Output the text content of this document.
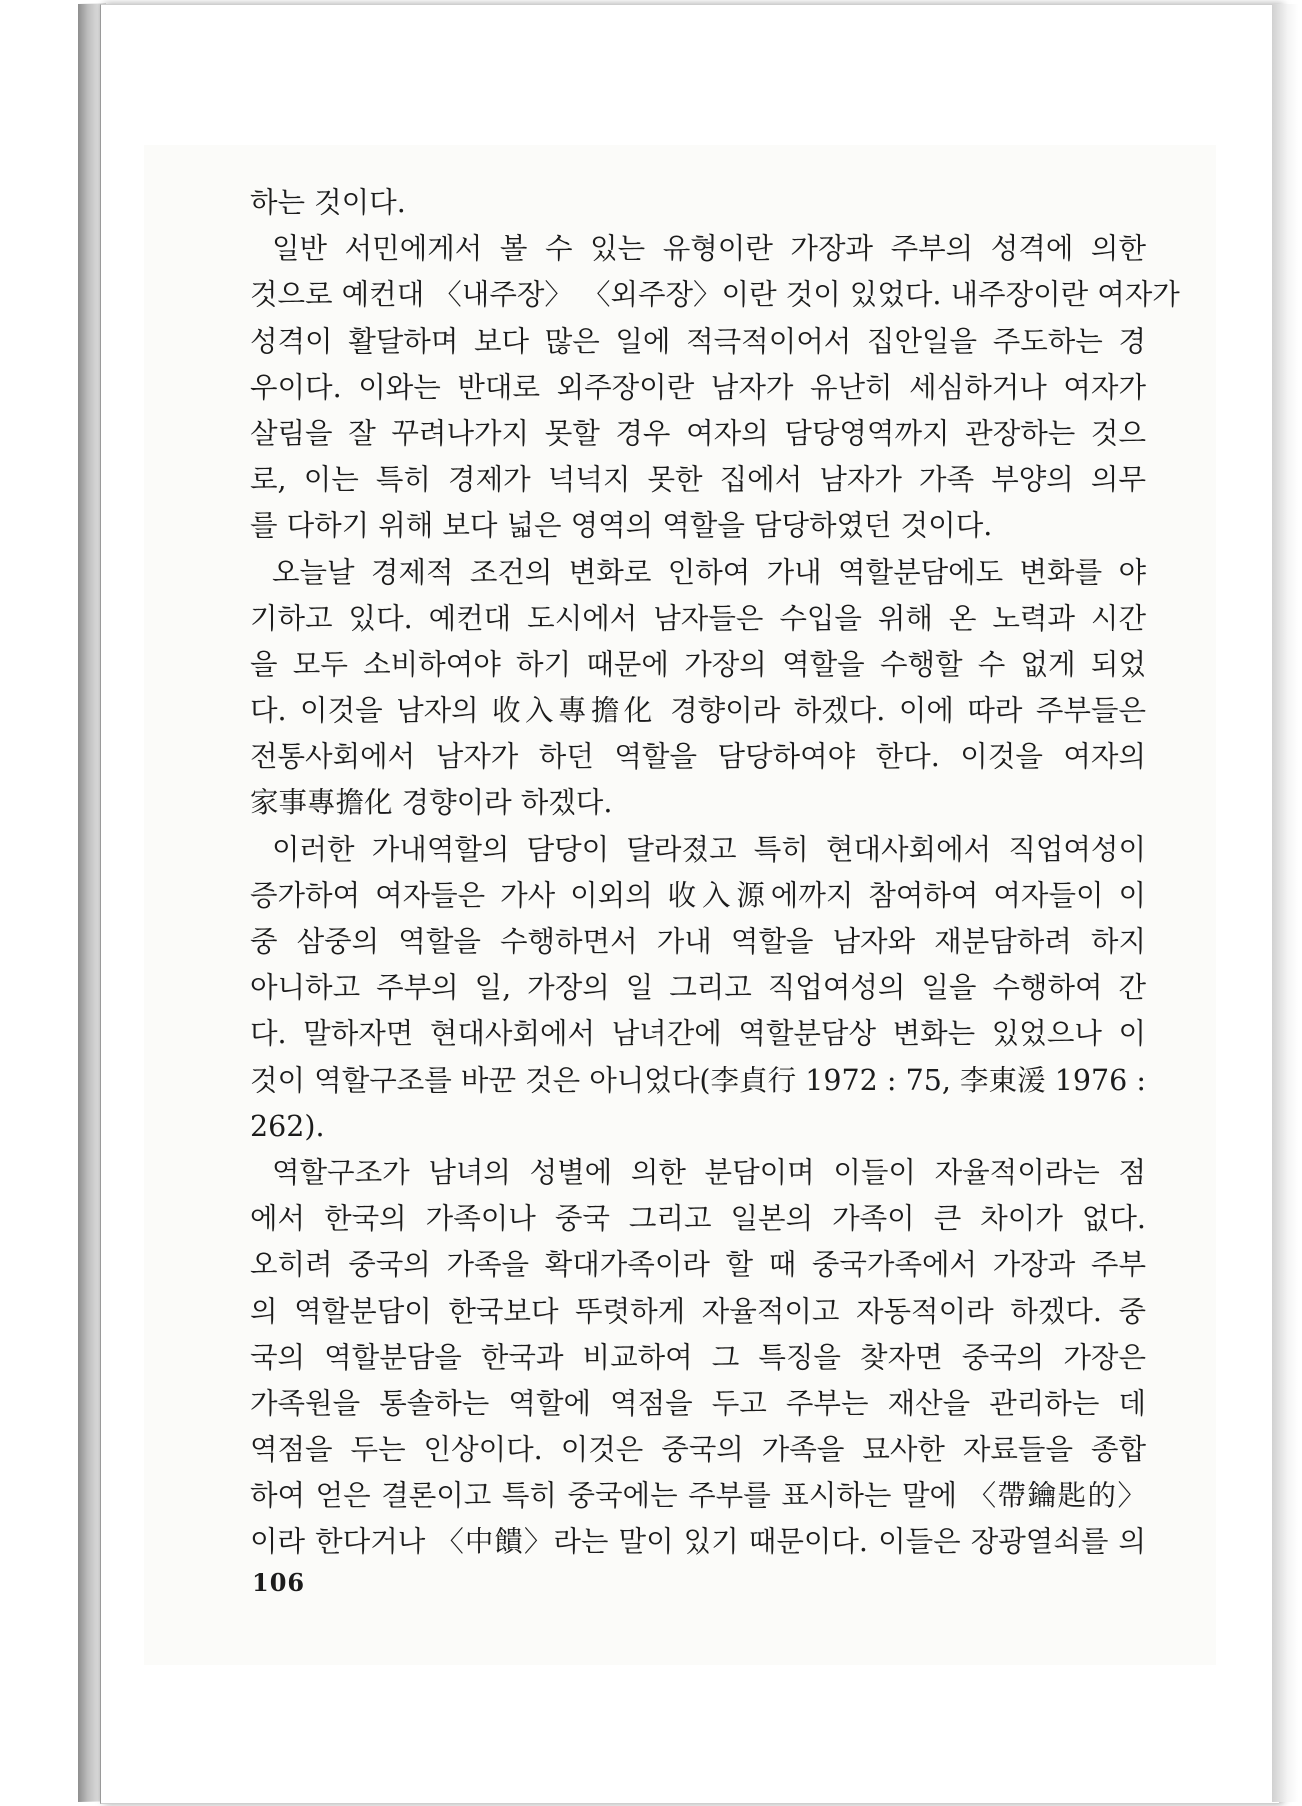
하는 것이다.
일반 서민에게서 볼 수 있는 유형이란 가장과 주부의 성격에 의한
것으로 예컨대 〈내주장〉 〈외주장〉이란 것이 있었다. 내주장이란 여자가
성격이 활달하며 보다 많은 일에 적극적이어서 집안일을 주도하는 경
우이다. 이와는 반대로 외주장이란 남자가 유난히 세심하거나 여자가
살림을 잘 꾸려나가지 못할 경우 여자의 담당영역까지 관장하는 것으
로, 이는 특히 경제가 넉넉지 못한 집에서 남자가 가족 부양의 의무
를 다하기 위해 보다 넓은 영역의 역할을 담당하였던 것이다.
오늘날 경제적 조건의 변화로 인하여 가내 역할분담에도 변화를 야
기하고 있다. 예컨대 도시에서 남자들은 수입을 위해 온 노력과 시간
을 모두 소비하여야 하기 때문에 가장의 역할을 수행할 수 없게 되었
다. 이것을 남자의 收入專擔化 경향이라 하겠다. 이에 따라 주부들은
전통사회에서 남자가 하던 역할을 담당하여야 한다. 이것을 여자의
家事專擔化 경향이라 하겠다.
이러한 가내역할의 담당이 달라졌고 특히 현대사회에서 직업여성이
증가하여 여자들은 가사 이외의 收入源에까지 참여하여 여자들이 이
중 삼중의 역할을 수행하면서 가내 역할을 남자와 재분담하려 하지
아니하고 주부의 일, 가장의 일 그리고 직업여성의 일을 수행하여 간
다. 말하자면 현대사회에서 남녀간에 역할분담상 변화는 있었으나 이
것이 역할구조를 바꾼 것은 아니었다(李貞行 1972 : 75, 李東湲 1976 :
262).
역할구조가 남녀의 성별에 의한 분담이며 이들이 자율적이라는 점
에서 한국의 가족이나 중국 그리고 일본의 가족이 큰 차이가 없다.
오히려 중국의 가족을 확대가족이라 할 때 중국가족에서 가장과 주부
의 역할분담이 한국보다 뚜렷하게 자율적이고 자동적이라 하겠다. 중
국의 역할분담을 한국과 비교하여 그 특징을 찾자면 중국의 가장은
가족원을 통솔하는 역할에 역점을 두고 주부는 재산을 관리하는 데
역점을 두는 인상이다. 이것은 중국의 가족을 묘사한 자료들을 종합
하여 얻은 결론이고 특히 중국에는 주부를 표시하는 말에 〈帶鑰匙的〉
이라 한다거나 〈中饋〉라는 말이 있기 때문이다. 이들은 장광열쇠를 의
106
